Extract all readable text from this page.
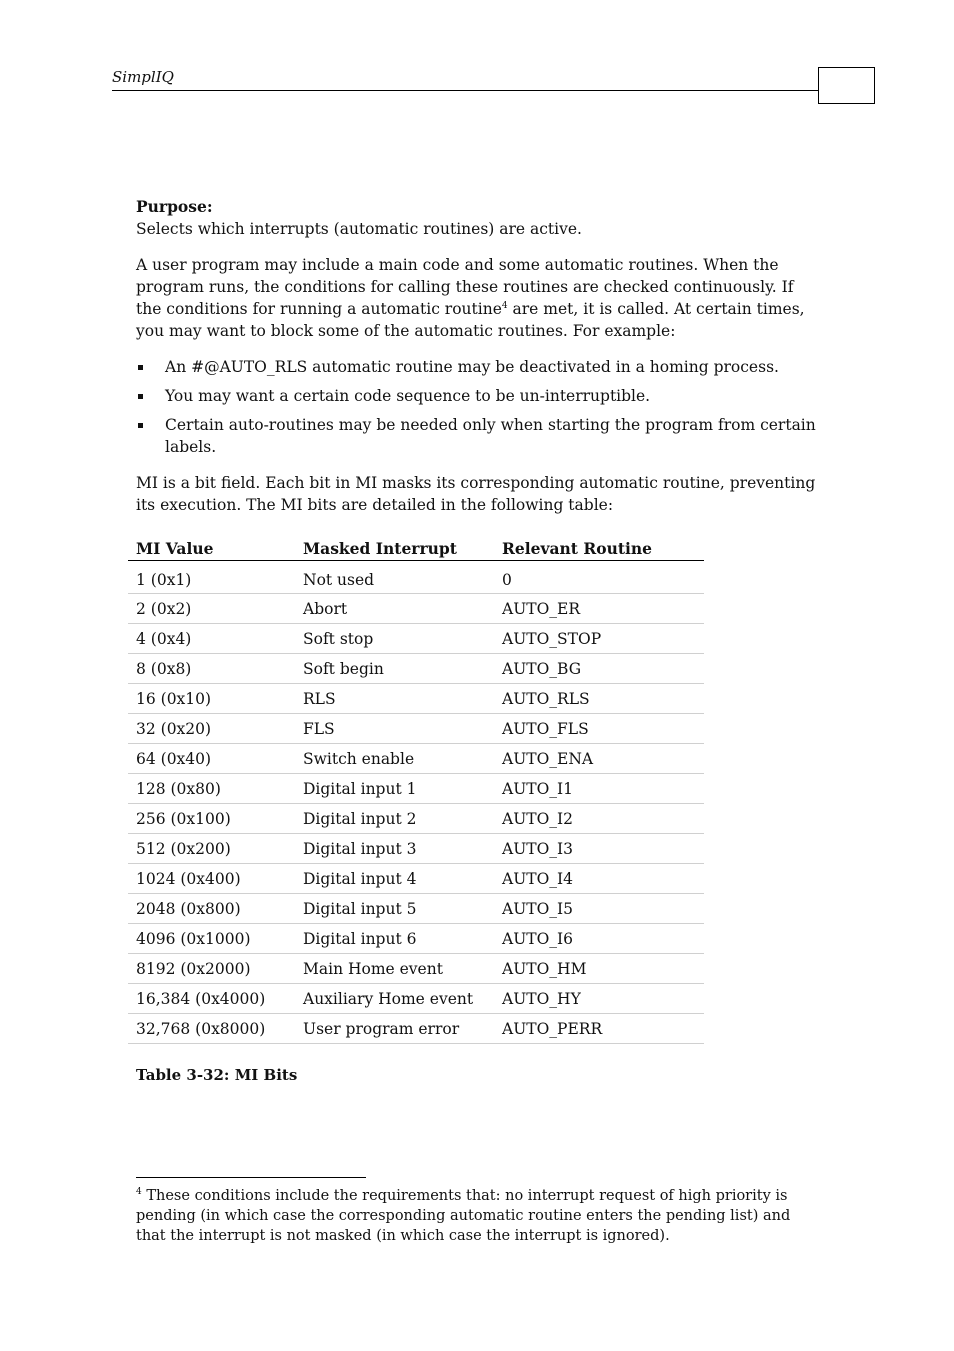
SimplIQ
Purpose:

Selects which interrupts (automatic routines) are active.

A user program may include a main code and some automatic routines. When the program runs, the conditions for calling these routines are checked continuously. If the conditions for running a automatic routine$^4$ are met, it is called. At certain times, you may want to block some of the automatic routines. For example:

An #@AUTO_RLS automatic routine may be deactivated in a homing process.
You may want a certain code sequence to be un-interruptible.
Certain auto-routines may be needed only when starting the program from certain labels.

MI is a bit field. Each bit in MI masks its corresponding automatic routine, preventing its execution. The MI bits are detailed in the following table:

MI Value	Masked Interrupt	Relevant Routine
1 (0x1)	Not used	0
2 (0x2)	Abort	AUTO_ER
4 (0x4)	Soft stop	AUTO_STOP
8 (0x8)	Soft begin	AUTO_BG
16 (0x10)	RLS	AUTO_RLS
32 (0x20)	FLS	AUTO_FLS
64 (0x40)	Switch enable	AUTO_ENA
128 (0x80)	Digital input 1	AUTO_I1
256 (0x100)	Digital input 2	AUTO_I2
512 (0x200)	Digital input 3	AUTO_I3
1024 (0x400)	Digital input 4	AUTO_I4
2048 (0x800)	Digital input 5	AUTO_I5
4096 (0x1000)	Digital input 6	AUTO_I6
8192 (0x2000)	Main Home event	AUTO_HM
16,384 (0x4000)	Auxiliary Home event	AUTO_HY
32,768 (0x8000)	User program error	AUTO_PERR
Table 3-32: MI Bits
$^4$ These conditions include the requirements that: no interrupt request of high priority is pending (in which case the corresponding automatic routine enters the pending list) and that the interrupt is not masked (in which case the interrupt is ignored).
